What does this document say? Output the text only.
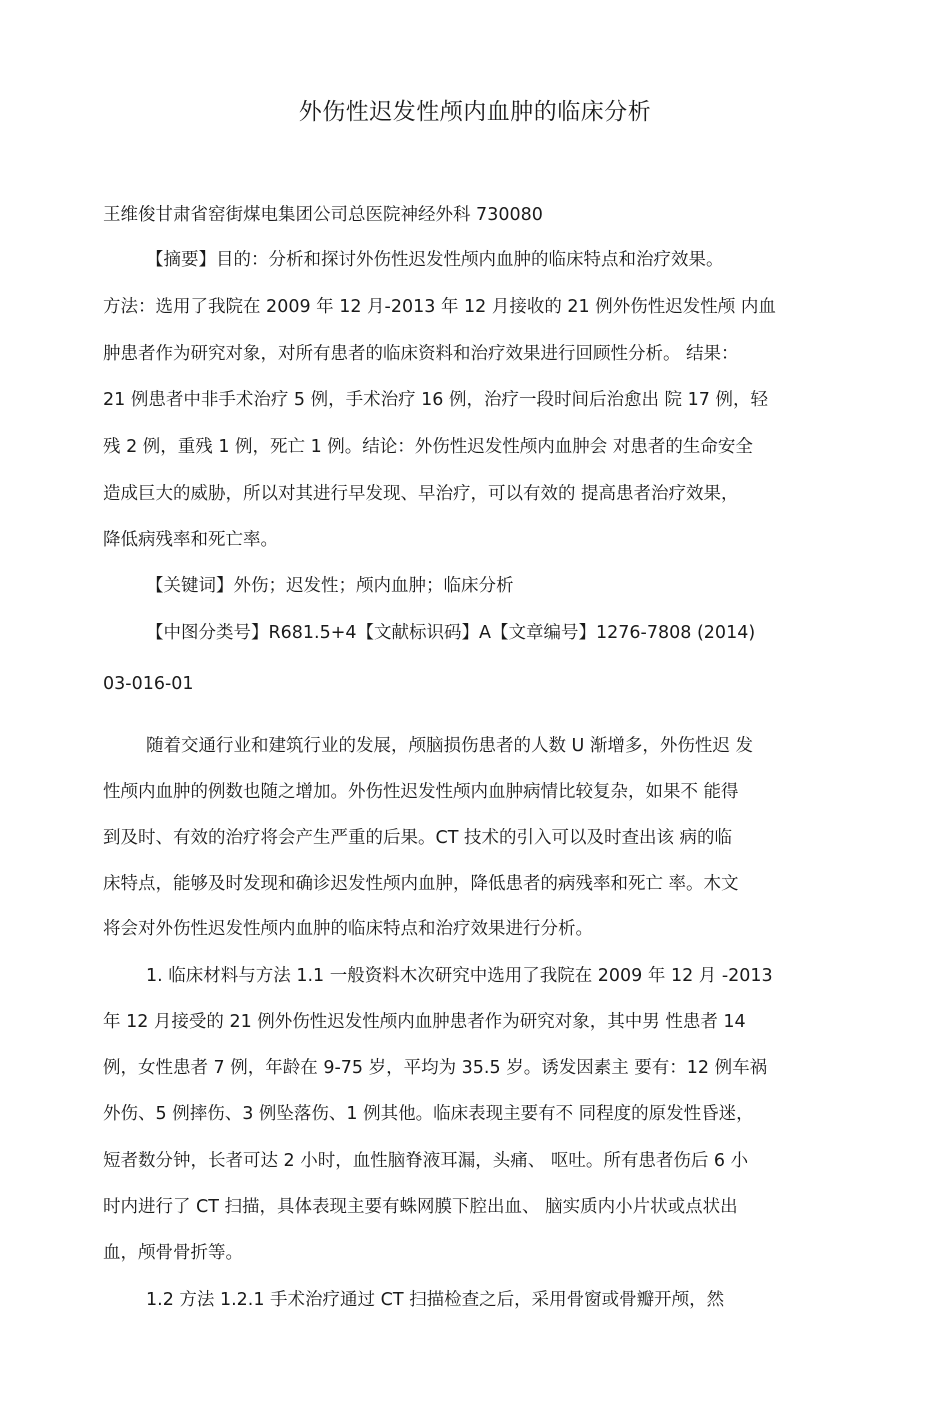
外伤性迟发性颅内血肿的临床分析
王维俊甘肃省窑街煤电集团公司总医院神经外科 730080
【摘要】目的：分析和探讨外伤性迟发性颅内血肿的临床特点和治疗效果。
方法：选用了我院在 2009 年 12 月-2013 年 12 月接收的 21 例外伤性迟发性颅 内血
肿患者作为研究对象，对所有患者的临床资料和治疗效果进行回顾性分析。 结果：
21 例患者中非手术治疗 5 例，手术治疗 16 例，治疗一段时间后治愈出 院 17 例，轻
残 2 例，重残 1 例，死亡 1 例。结论：外伤性迟发性颅内血肿会 对患者的生命安全
造成巨大的威胁，所以对其进行早发现、早治疗，可以有效的 提高患者治疗效果，
降低病残率和死亡率。
【关键词】外伤；迟发性；颅内血肿；临床分析
【中图分类号】R681.5+4【文献标识码】A【文章编号】1276-7808 (2014)
03-016-01
随着交通行业和建筑行业的发展，颅脑损伤患者的人数 U 渐增多，外伤性迟 发
性颅内血肿的例数也随之增加。外伤性迟发性颅内血肿病情比较复杂，如果不 能得
到及时、有效的治疗将会产生严重的后果。CT 技术的引入可以及时查出该 病的临
床特点，能够及时发现和确诊迟发性颅内血肿，降低患者的病残率和死亡 率。木文
将会对外伤性迟发性颅内血肿的临床特点和治疗效果进行分析。
1. 临床材料与方法 1.1 一般资料木次研究中选用了我院在 2009 年 12 月 -2013
年 12 月接受的 21 例外伤性迟发性颅内血肿患者作为研究对象，其中男 性患者 14
例，女性患者 7 例，年龄在 9-75 岁，平均为 35.5 岁。诱发因素主 要有：12 例车祸
外伤、5 例摔伤、3 例坠落伤、1 例其他。临床表现主要有不 同程度的原发性昏迷，
短者数分钟，长者可达 2 小时，血性脑脊液耳漏，头痛、 呕吐。所有患者伤后 6 小
时内进行了 CT 扫描，具体表现主要有蛛网膜下腔出血、 脑实质内小片状或点状出
血，颅骨骨折等。
1.2 方法 1.2.1 手术治疗通过 CT 扫描检查之后，采用骨窗或骨瓣开颅，然
